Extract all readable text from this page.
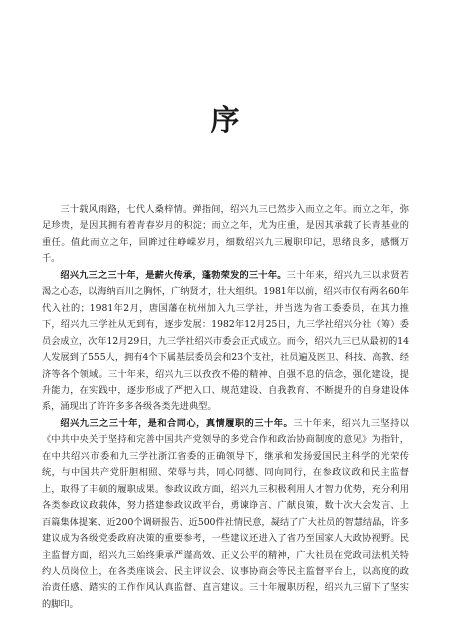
序

三十载风雨路，七代人桑梓情。弹指间，绍兴九三已然步入而立之年。而立之年，弥足珍贵，是因其拥有着青春岁月的积淀；而立之年，尤为庄重，是因其承载了长青基业的重任。值此而立之年，回眸过往峥嵘岁月，细数绍兴九三履职印记，思绪良多，感慨万千。

绍兴九三之三十年，是薪火传承，蓬勃荣发的三十年。三十年来，绍兴九三以求贤若渴之心态，以海纳百川之胸怀，广纳贤才，壮大组织。1981年以前，绍兴市仅有两名60年代入社的；1981年2月，唐国藩在杭州加入九三学社，并当选为省工委委员，在其力推下，绍兴九三学社从无到有，逐步发展：1982年12月25日，九三学社绍兴分社（筹）委员会成立，次年12月29日，九三学社绍兴市委会正式成立。而今，绍兴九三已从最初的14人发展到了555人，拥有4个下属基层委员会和23个支社，社员遍及医卫、科技、高教、经济等各个领域。三十年来，绍兴九三以孜孜不倦的精神、自强不息的信念，强化建设，提升能力，在实践中，逐步形成了严把入口、规范建设、自我教育、不断提升的自身建设体系，涌现出了许许多多各级各类先进典型。

绍兴九三之三十年，是和合同心，真情履职的三十年。三十年来，绍兴九三坚持以《中共中央关于坚持和完善中国共产党领导的多党合作和政治协商制度的意见》为指针，在中共绍兴市委和九三学社浙江省委的正确领导下，继承和发扬爱国民主科学的光荣传统，与中国共产党肝胆相照、荣辱与共，同心同德、同向同行，在参政议政和民主监督上，取得了丰硕的履职成果。参政议政方面，绍兴九三积极利用人才智力优势，充分利用各类参政议政载体，努力搭建参政议政平台，勇谏诤言、广献良策，数十次大会发言、上百篇集体提案、近200个调研报告、近500件社情民意，凝结了广大社员的智慧结晶，许多建议成为各级党委政府决策的重要参考，一些建议还进入了省乃至国家人大政协视野。民主监督方面，绍兴九三始终秉承严谨高效、正义公平的精神，广大社员在党政司法机关特约人员岗位上，在各类座谈会、民主评议会、议事协商会等民主监督平台上，以高度的政治责任感、踏实的工作作风认真监督、直言建议。三十年履职历程，绍兴九三留下了坚实的脚印。
